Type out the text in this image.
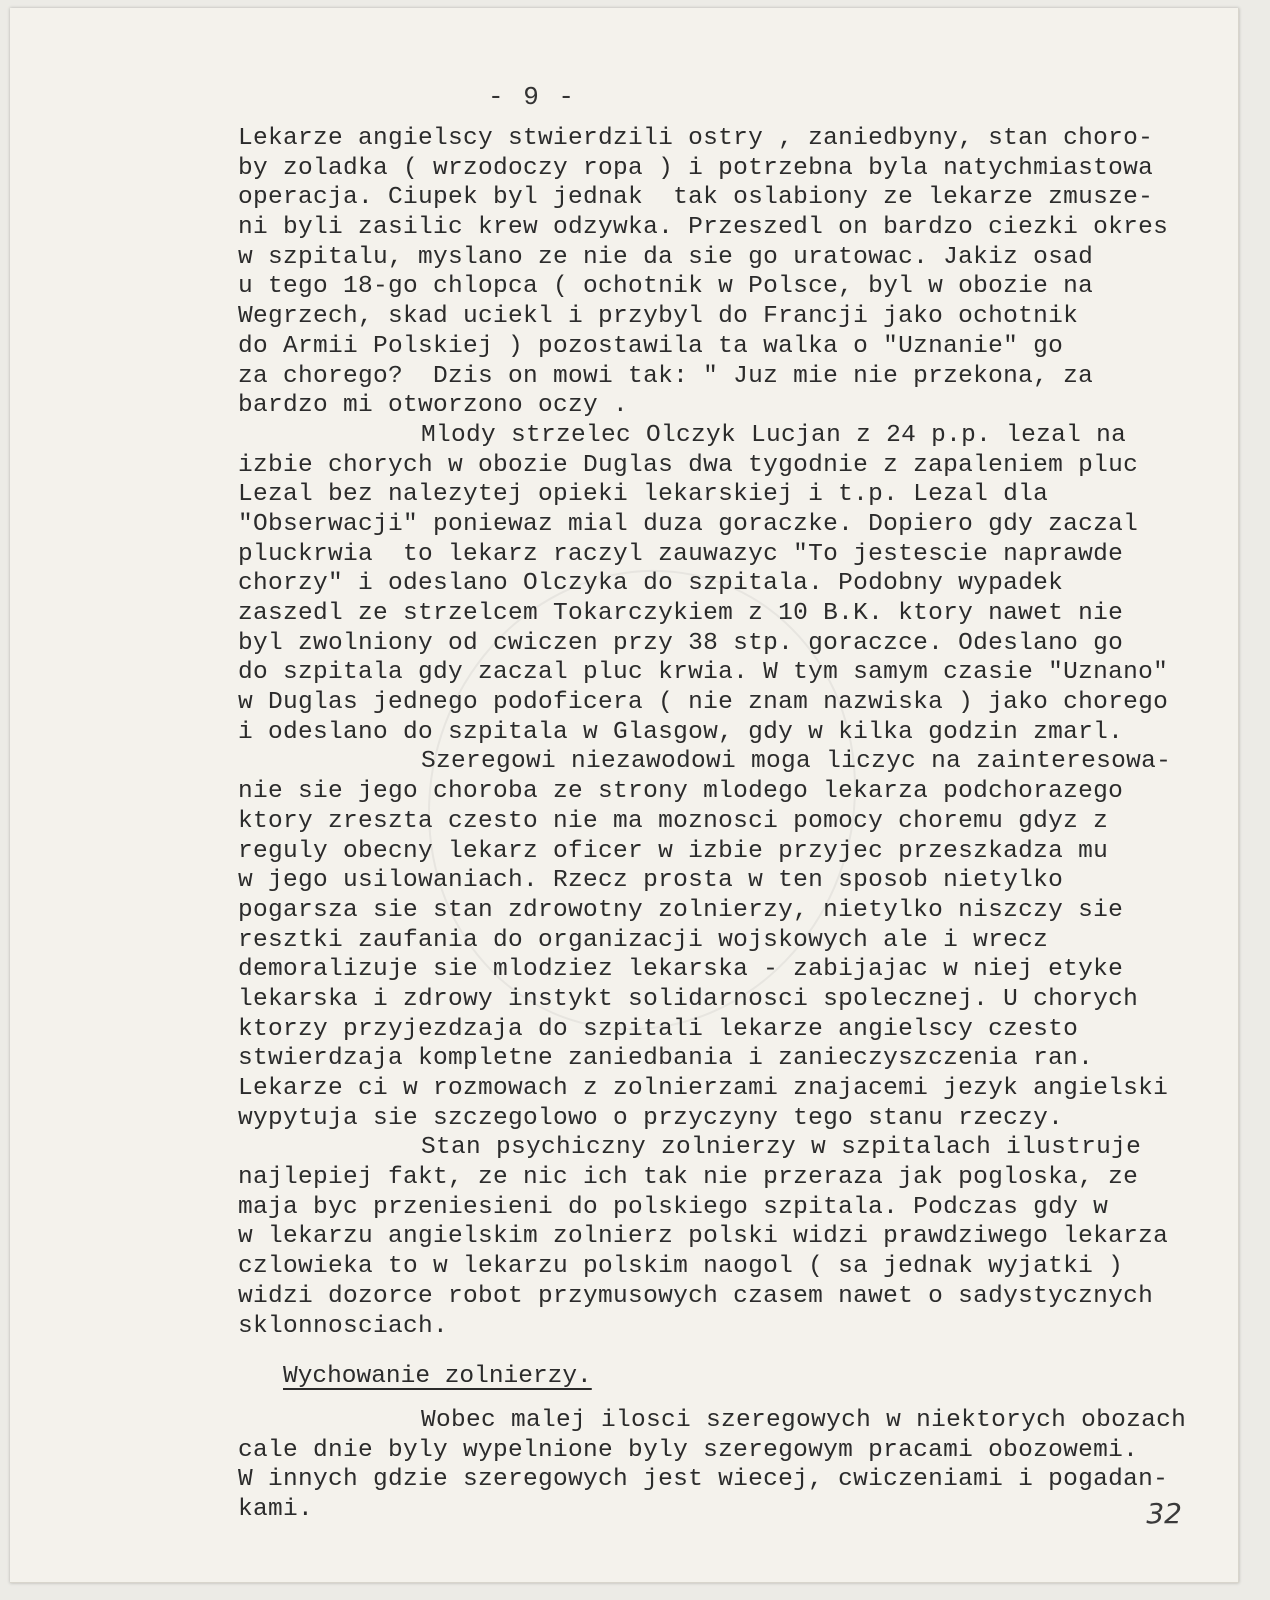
- 9 -
Lekarze angielscy stwierdzili ostry , zaniedbyny, stan choro-
by zoladka ( wrzodoczy ropa ) i potrzebna byla natychmiastowa
operacja. Ciupek byl jednak  tak oslabiony ze lekarze zmusze-
ni byli zasilic krew odzywka. Przeszedl on bardzo ciezki okres
w szpitalu, myslano ze nie da sie go uratowac. Jakiz osad
u tego 18-go chlopca ( ochotnik w Polsce, byl w obozie na
Wegrzech, skad uciekl i przybyl do Francji jako ochotnik
do Armii Polskiej ) pozostawila ta walka o "Uznanie" go
za chorego?  Dzis on mowi tak: " Juz mie nie przekona, za
bardzo mi otworzono oczy .
Mlody strzelec Olczyk Lucjan z 24 p.p. lezal na
izbie chorych w obozie Duglas dwa tygodnie z zapaleniem pluc
Lezal bez nalezytej opieki lekarskiej i t.p. Lezal dla
"Obserwacji" poniewaz mial duza goraczke. Dopiero gdy zaczal
pluckrwia  to lekarz raczyl zauwazyc "To jestescie naprawde
chorzy" i odeslano Olczyka do szpitala. Podobny wypadek
zaszedl ze strzelcem Tokarczykiem z 10 B.K. ktory nawet nie
byl zwolniony od cwiczen przy 38 stp. goraczce. Odeslano go
do szpitala gdy zaczal pluc krwia. W tym samym czasie "Uznano"
w Duglas jednego podoficera ( nie znam nazwiska ) jako chorego
i odeslano do szpitala w Glasgow, gdy w kilka godzin zmarl.
Szeregowi niezawodowi moga liczyc na zainteresowa-
nie sie jego choroba ze strony mlodego lekarza podchorazego
ktory zreszta czesto nie ma moznosci pomocy choremu gdyz z
reguly obecny lekarz oficer w izbie przyjec przeszkadza mu
w jego usilowaniach. Rzecz prosta w ten sposob nietylko
pogarsza sie stan zdrowotny zolnierzy, nietylko niszczy sie
resztki zaufania do organizacji wojskowych ale i wrecz
demoralizuje sie mlodziez lekarska - zabijajac w niej etyke
lekarska i zdrowy instykt solidarnosci spolecznej. U chorych
ktorzy przyjezdzaja do szpitali lekarze angielscy czesto
stwierdzaja kompletne zaniedbania i zanieczyszczenia ran.
Lekarze ci w rozmowach z zolnierzami znajacemi jezyk angielski
wypytuja sie szczegolowo o przyczyny tego stanu rzeczy.
Stan psychiczny zolnierzy w szpitalach ilustruje
najlepiej fakt, ze nic ich tak nie przeraza jak pogloska, ze
maja byc przeniesieni do polskiego szpitala. Podczas gdy w
w lekarzu angielskim zolnierz polski widzi prawdziwego lekarza
czlowieka to w lekarzu polskim naogol ( sa jednak wyjatki )
widzi dozorce robot przymusowych czasem nawet o sadystycznych
sklonnosciach.
Wychowanie zolnierzy.
Wobec malej ilosci szeregowych w niektorych obozach
cale dnie byly wypelnione byly szeregowym pracami obozowemi.
W innych gdzie szeregowych jest wiecej, cwiczeniami i pogadan-
kami.	32
